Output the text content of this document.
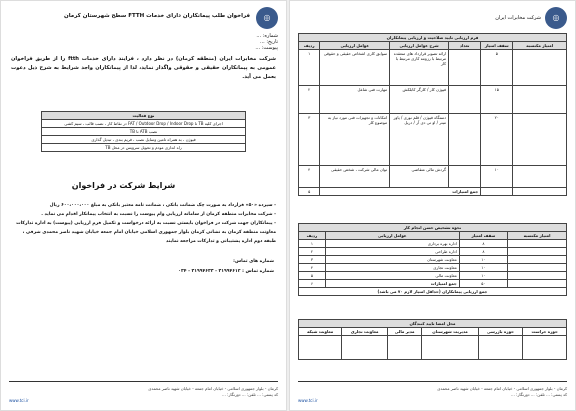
◎
فراخوان طلب پیمانکاران دارای خدمات FTTH سطح شهرستان کرمان
شماره: ...
تاریخ: ...
پیوست: ...
شرکت مخابرات ایران (منطقه کرمان) در نظر دارد ، فرایند دارای خدمات ftth را از طریق فراخوان عمومی به پیمانکاران حقیقی و حقوقی واگذار نماید، لذا از پیمانکاران واجد شرایط به شرح ذیل دعوت بعمل می آید.
نوع فعالیت
اجرای کلیه TB تا FAT / Outdoor Drop / Indoor Drop در نقاط کار ، نصب قالب ، سیم کشی
نصب ATB تا TB
فیوژن ، به همراه تامین وسایل نصب ، فریم بندی ، تبدیل گذاری
راه اندازی مودم و تحویل سرویس در محل TB
شرایط شرکت در فراخوان
- سپرده «۵۰» قرارداد به صورت چک ضمانت بانکی ، ضمانت نامه معتبر بانکی به مبلغ ۶۰۰،۰۰۰،۰۰۰ ریال
- شرکت مخابرات منطقه کرمان از سامانه ارزیابی وام پیوست را نسبت به انتخاب پیمانکار اقدام می نماید .
- پیمانکاران جهت شرکت در فراخوان بایستی نسبت به ارائه درخواست و تکمیل فرم ارزیابی (پیوست) به اداره تدارکات
معاونت منطقه کرمان به نشانی کرمان بلوار جمهوری اسلامی خیابان امام جمعه خیابان شهید ناصر محمدی شرقی ،
طبقه دوم اداره پشتیبانی و تدارکات مراجعه نمایند
شماره های تماس:
شماره تماس : ۳۱۹۹۴۶۱۲ - ۳۱۹۹۴۶۳۳ - ۰۳۴
کرمان - بلوار جمهوری اسلامی - خیابان امام جمعه - خیابان شهید ناصر محمدی
کد پستی: ... تلفن: ... دورنگار: ...
www.tci.ir
◎
شرکت مخابرات ایران
فرم ارزیابی تایید صلاحیت و ارزیابی پیمانکاران					
ردیف	عوامل ارزیابی	شرح عوامل ارزیابی	تعداد	سقف امتیاز	امتیاز مکتسبه
۱	سوابق کاری اشخاص حقیقی و حقوقی	ارائه تصویر قرارداد های منعقده مرتبط با رزومه کاری مرتبط با کار		۵	
۲	مهارت فنی شاغل	فیوژن کار / کارگر کابلکش		۱۵	
۳	امکانات و تجهیزات فنی مورد نیاز به موضوع کار	دستگاه فیوژن / قلم نوری / پاور میتر / او تی دی آر / دریل		۲۰	
۴	توان مالی شرکت ، شخص حقیقی	گردش مالی متقاضی		۱۰	
۵	جمع امتیازات				
نحوه تشخیص حسن انجام کار			
ردیف	عوامل ارزیابی	سقف امتیاز	امتیاز مکتسبه
۱	اداره بهره برداری	۸	
۲	اداره طراحی	۸	
۳	معاونت شهرستان	۱۰	
۴	معاونت تجاری	۱۰	
۵	معاونت مالی	۱۰	
۶	جمع امتیازات	۵۰	
جمع ارزیابی پیمانکاران (حداقل امتیاز لازم ۷۰ می باشد)			
محل امضا تایید کنندگان					
معاونت شبکه	معاونت تجاری	مدیر مالی	مدیریت شهرستان	حوزه بازرسی	حوزه حراست

کرمان - بلوار جمهوری اسلامی - خیابان امام جمعه - خیابان شهید ناصر محمدی
کد پستی: ... تلفن: ... دورنگار: ...
www.tci.ir
